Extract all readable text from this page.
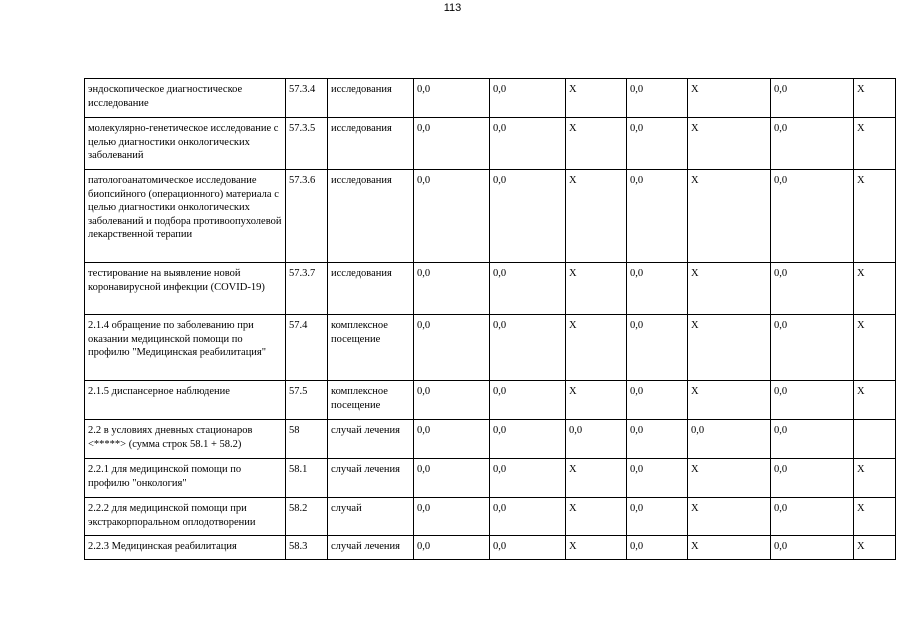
113
эндоскопическое диагностическое исследование	57.3.4	исследования	0,0	0,0	Х	0,0	Х	0,0	Х
молекулярно-генетическое исследование с целью диагностики онкологических заболеваний	57.3.5	исследования	0,0	0,0	Х	0,0	Х	0,0	Х
патологоанатомическое исследование биопсийного (операционного) материала с целью диагностики онкологических заболеваний и подбора противоопухолевой лекарственной терапии	57.3.6	исследования	0,0	0,0	Х	0,0	Х	0,0	Х
тестирование на выявление новой коронавирусной инфекции (COVID-19)	57.3.7	исследования	0,0	0,0	Х	0,0	Х	0,0	Х
2.1.4 обращение по заболеванию при оказании медицинской помощи по профилю "Медицинская реабилитация"	57.4	комплексное посещение	0,0	0,0	Х	0,0	Х	0,0	Х
2.1.5 диспансерное наблюдение	57.5	комплексное посещение	0,0	0,0	Х	0,0	Х	0,0	Х
2.2 в условиях дневных стационаров <*****> (сумма строк 58.1 + 58.2)	58	случай лечения	0,0	0,0	0,0	0,0	0,0	0,0	
2.2.1 для медицинской помощи по профилю "онкология"	58.1	случай лечения	0,0	0,0	Х	0,0	Х	0,0	Х
2.2.2 для медицинской помощи при экстракорпоральном оплодотворении	58.2	случай	0,0	0,0	Х	0,0	Х	0,0	Х
2.2.3 Медицинская реабилитация	58.3	случай лечения	0,0	0,0	Х	0,0	Х	0,0	Х
